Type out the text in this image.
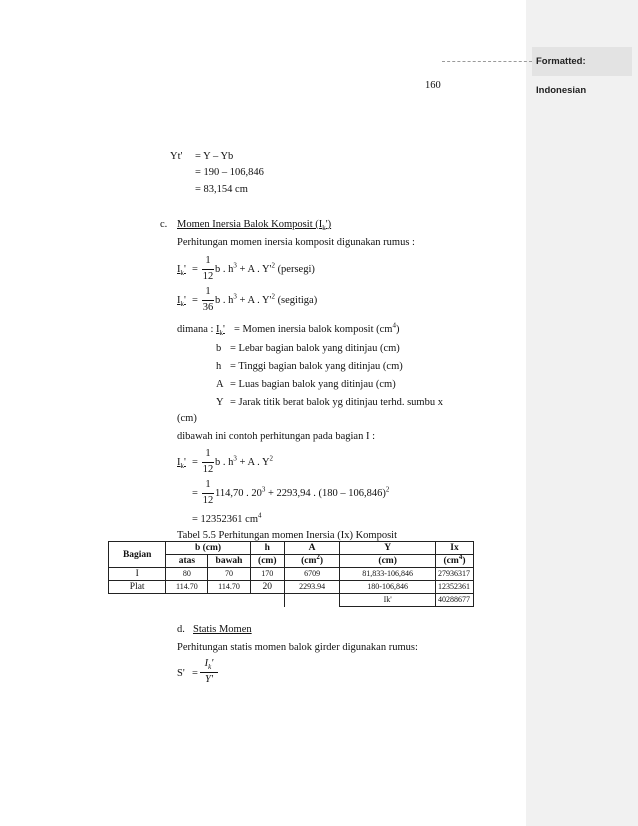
160
Yt' = Y – Yb
= 190 – 106,846
= 83,154 cm
c. Momen Inersia Balok Komposit $(I_k')$
Perhitungan momen inersia komposit digunakan rumus :
$I_k'$ =
1
12
b . $h^3 + A$ . $Y'^2$ (persegi)
$I_k'$ =
1
36
b . $h^3 + A$ . $Y'^2$ (segitiga)
dimana : $I_k'$ = Momen inersia balok komposit $(cm^4)$
b = Lebar bagian balok yang ditinjau (cm)
h = Tinggi bagian balok yang ditinjau (cm)
A = Luas bagian balok yang ditinjau (cm)
Y = Jarak titik berat balok yg ditinjau terhd. sumbu x
(cm)
dibawah ini contoh perhitungan pada bagian I :
$I_k'$ =
1
12
b . $h^3 + A$ . $Y^2$
=
1
12
114,70 . $20^3 + 2293,94$ . (180 – 106,846)$^2$
= 12352361 $cm^4$
Tabel 5.5 Perhitungan momen Inersia (Ix) Komposit
Bagian	b (cm)		h	A	Y	Ix
	atas	bawah	(cm)	$(cm^2)$	(cm)	$(cm^4)$
I	80	70	170	6709	81,833-106,846	27936317
Plat	114.70	114.70	20	2293.94	180-106,846	12352361
					Ik'	40288677
d. Statis Momen
Perhitungan statis momen balok girder digunakan rumus:
S' =
$I_k'$
Y'
Formatted: Indonesian
